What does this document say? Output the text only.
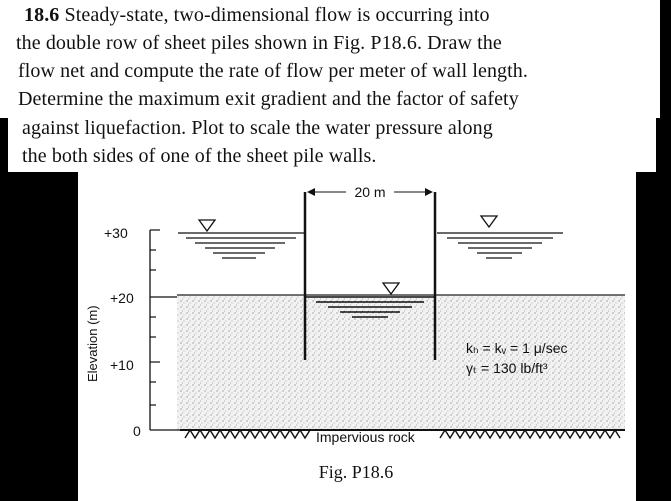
18.6 Steady-state, two-dimensional flow is occurring into
the double row of sheet piles shown in Fig. P18.6. Draw the
flow net and compute the rate of flow per meter of wall length.
Determine the maximum exit gradient and the factor of safety
against liquefaction. Plot to scale the water pressure along
the both sides of one of the sheet pile walls.
20 m
Impervious rock
+30
+20
+10
0
Elevation (m)	kₕ = kᵥ = 1 μ/sec
γₜ = 130 lb/ft³
Fig. P18.6
